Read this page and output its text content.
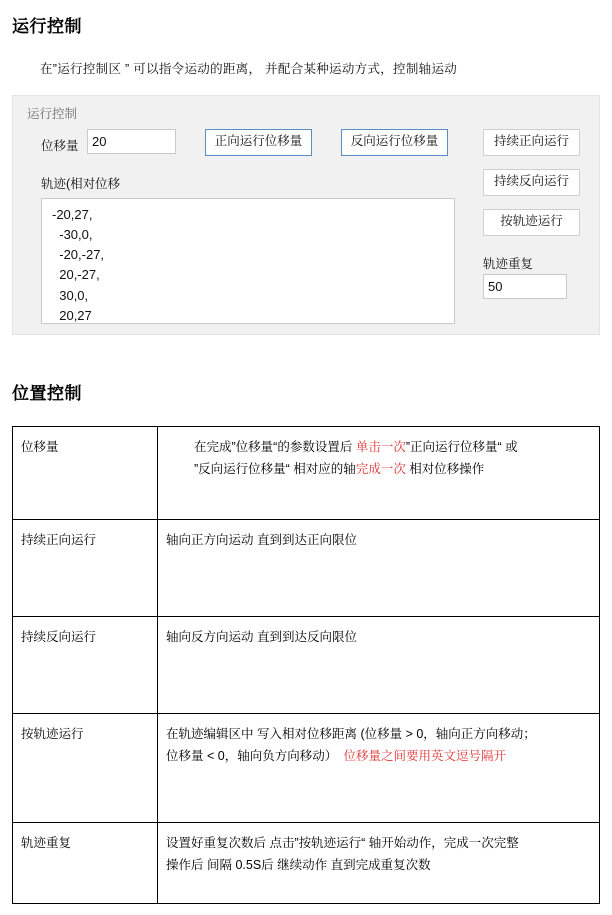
运行控制
在”运行控制区 ” 可以指令运动的距离， 并配合某种运动方式，控制轴运动
运行控制
位移量
20	正向运行位移量	反向运行位移量	持续正向运行
持续反向运行
按轨迹运行
轨迹(相对位移
-20,27, -30,0, -20,-27, 20,-27, 30,0, 20,27
轨迹重复
50
位置控制
位移量	在完成”位移量“的参数设置后 单击一次”正向运行位移量“ 或

”反向运行位移量“ 相对应的轴完成一次 相对位移操作

持续正向运行	轴向正方向运动 直到到达正向限位

持续反向运行	轴向反方向运动 直到到达反向限位

按轨迹运行	在轨迹编辑区中 写入相对位移距离 (位移量 > 0，轴向正方向移动；

位移量 < 0，轴向负方向移动）　位移量之间要用英文逗号隔开

轨迹重复	设置好重复次数后 点击”按轨迹运行“ 轴开始动作，完成一次完整

操作后 间隔 0.5S后 继续动作 直到完成重复次数
